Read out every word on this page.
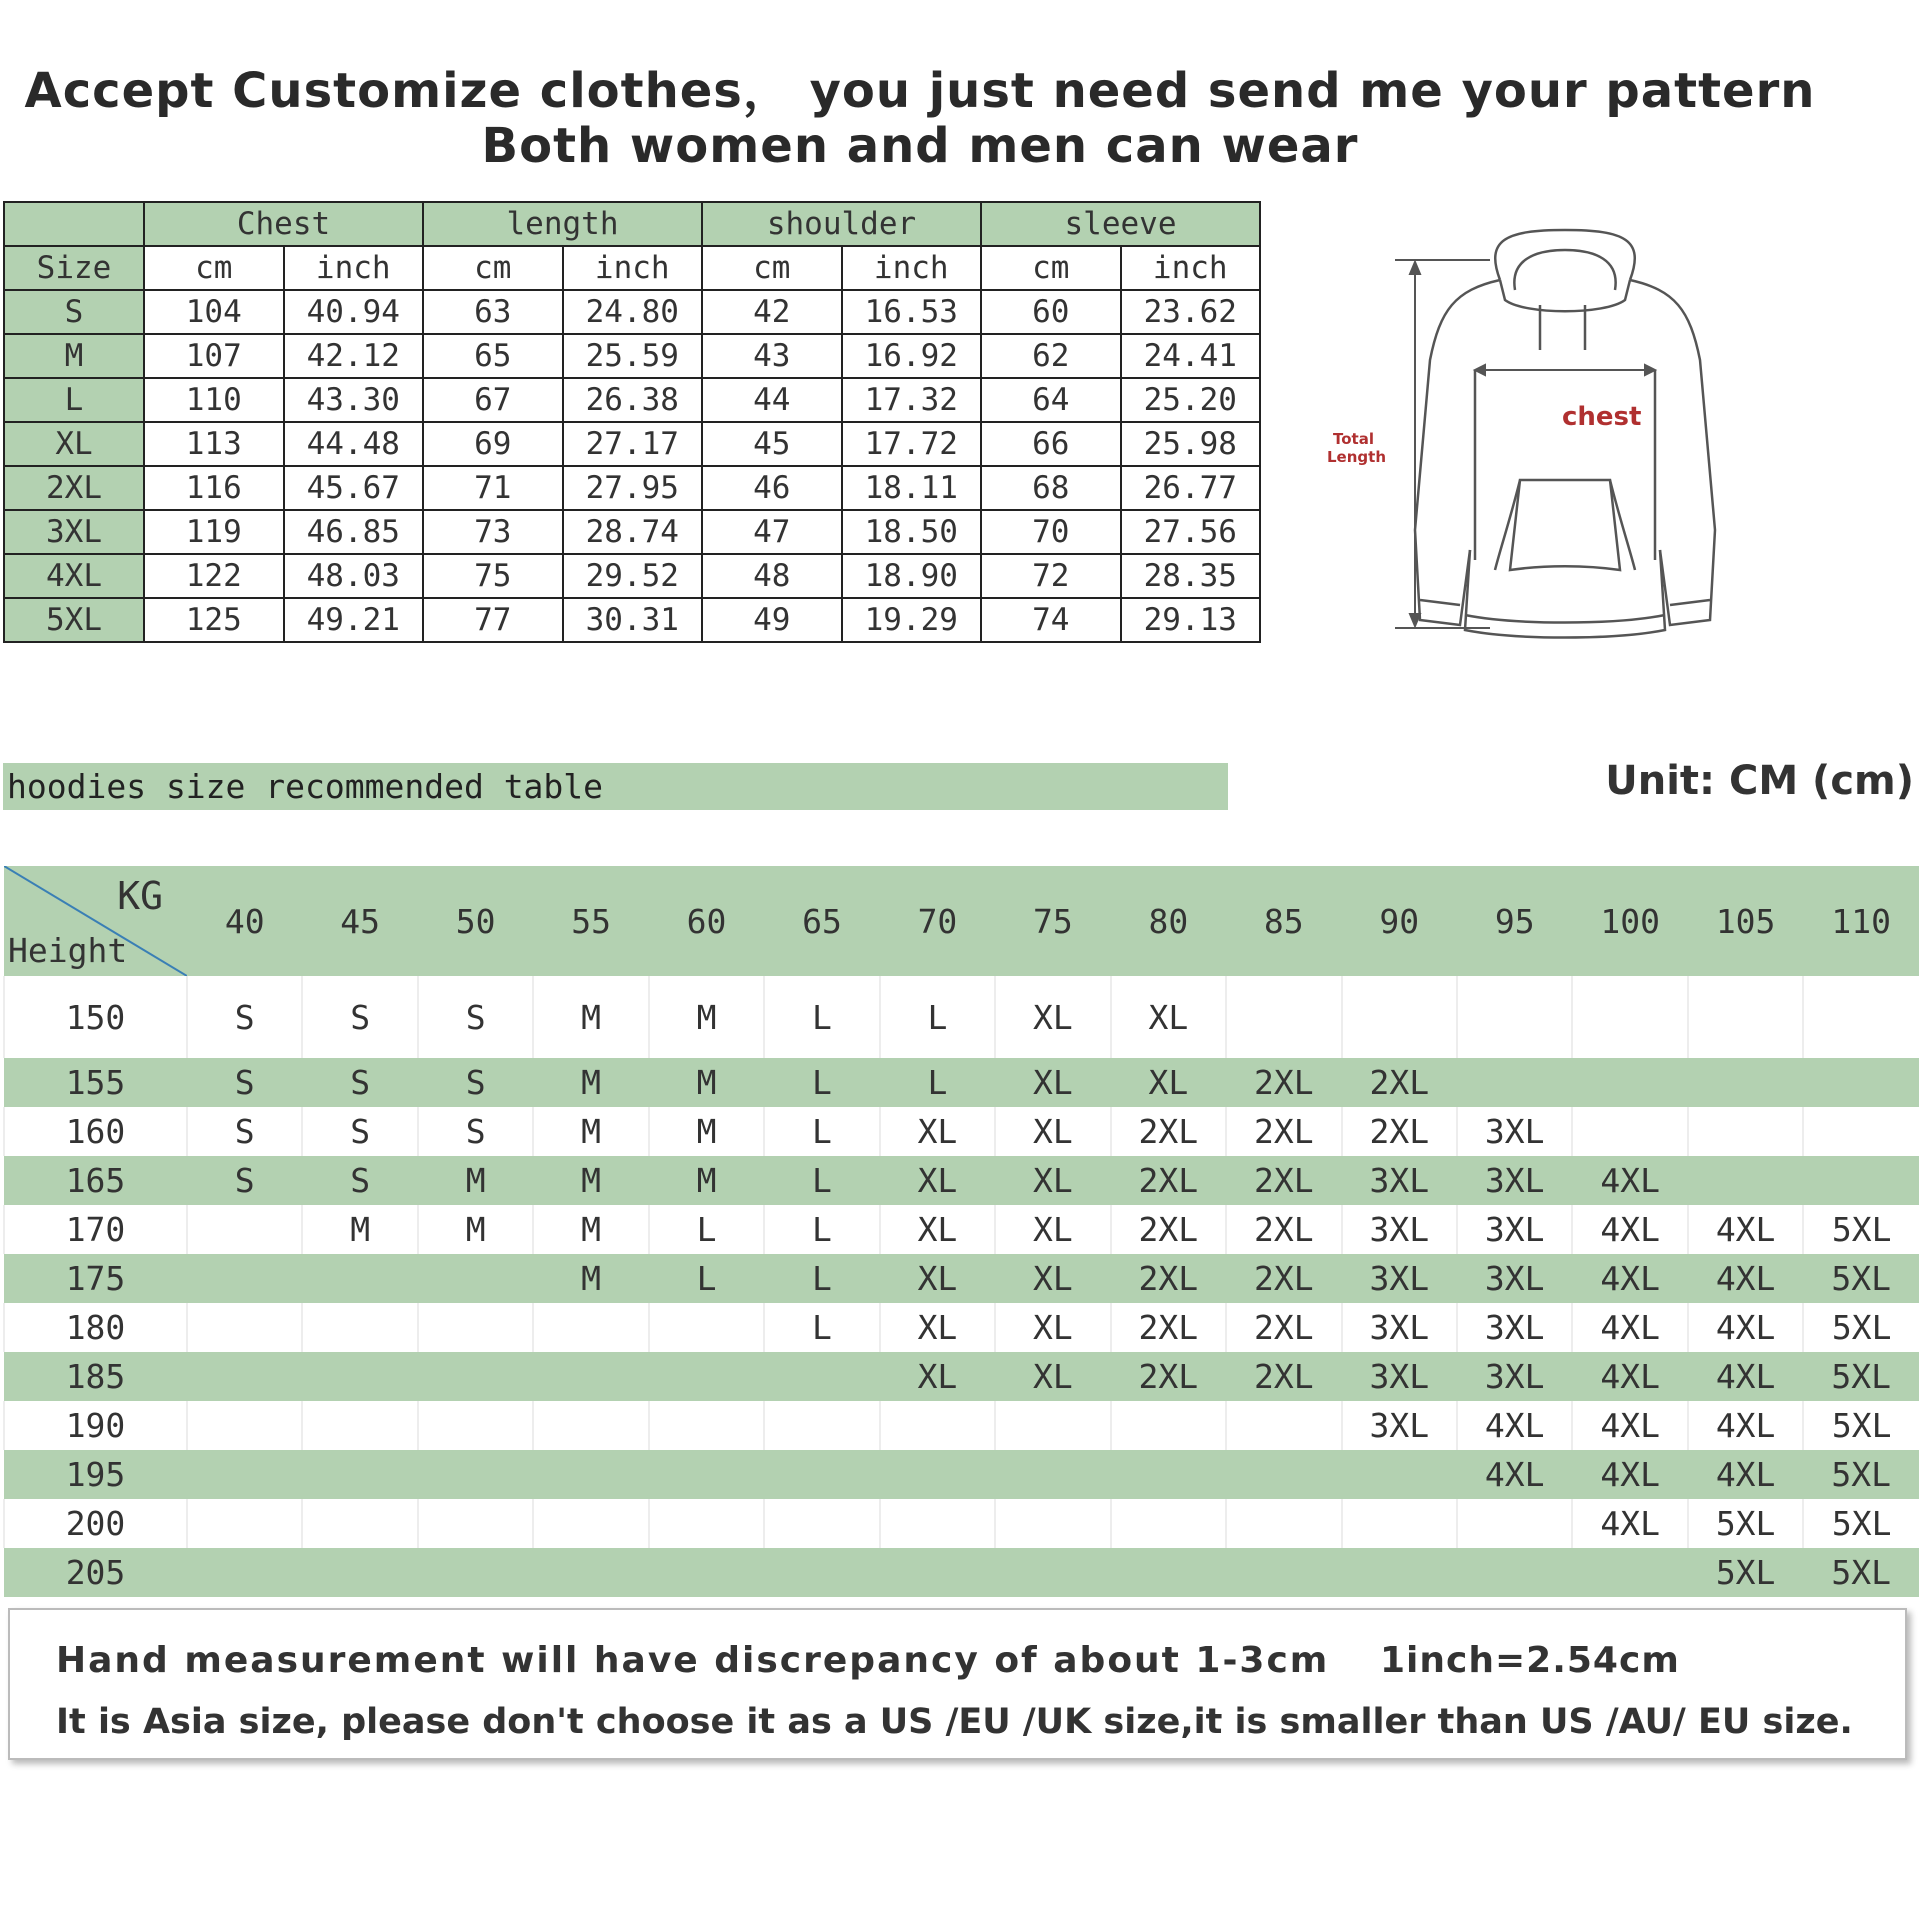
Accept Customize clothes， you just need send me your pattern
Both women and men can wear
	Chest		length		shoulder		sleeve	
Size	cm	inch	cm	inch	cm	inch	cm	inch
S	104	40.94	63	24.80	42	16.53	60	23.62
M	107	42.12	65	25.59	43	16.92	62	24.41
L	110	43.30	67	26.38	44	17.32	64	25.20
XL	113	44.48	69	27.17	45	17.72	66	25.98
2XL	116	45.67	71	27.95	46	18.11	68	26.77
3XL	119	46.85	73	28.74	47	18.50	70	27.56
4XL	122	48.03	75	29.52	48	18.90	72	28.35
5XL	125	49.21	77	30.31	49	19.29	74	29.13
chest
Total
Length
hoodies size recommended table	Unit: CM (cm)
KG
Height	40	45	50	55	60	65	70	75	80	85	90	95	100	105	110
150	S	S	S	M	M	L	L	XL	XL						
155	S	S	S	M	M	L	L	XL	XL	2XL	2XL				
160	S	S	S	M	M	L	XL	XL	2XL	2XL	2XL	3XL			
165	S	S	M	M	M	L	XL	XL	2XL	2XL	3XL	3XL	4XL		
170		M	M	M	L	L	XL	XL	2XL	2XL	3XL	3XL	4XL	4XL	5XL
175				M	L	L	XL	XL	2XL	2XL	3XL	3XL	4XL	4XL	5XL
180						L	XL	XL	2XL	2XL	3XL	3XL	4XL	4XL	5XL
185							XL	XL	2XL	2XL	3XL	3XL	4XL	4XL	5XL
190											3XL	4XL	4XL	4XL	5XL
195												4XL	4XL	4XL	5XL
200													4XL	5XL	5XL
205														5XL	5XL
Hand measurement will have discrepancy of about 1-3cm 1inch=2.54cm
It is Asia size, please don't choose it as a US /EU /UK size,it is smaller than US /AU/ EU size.
